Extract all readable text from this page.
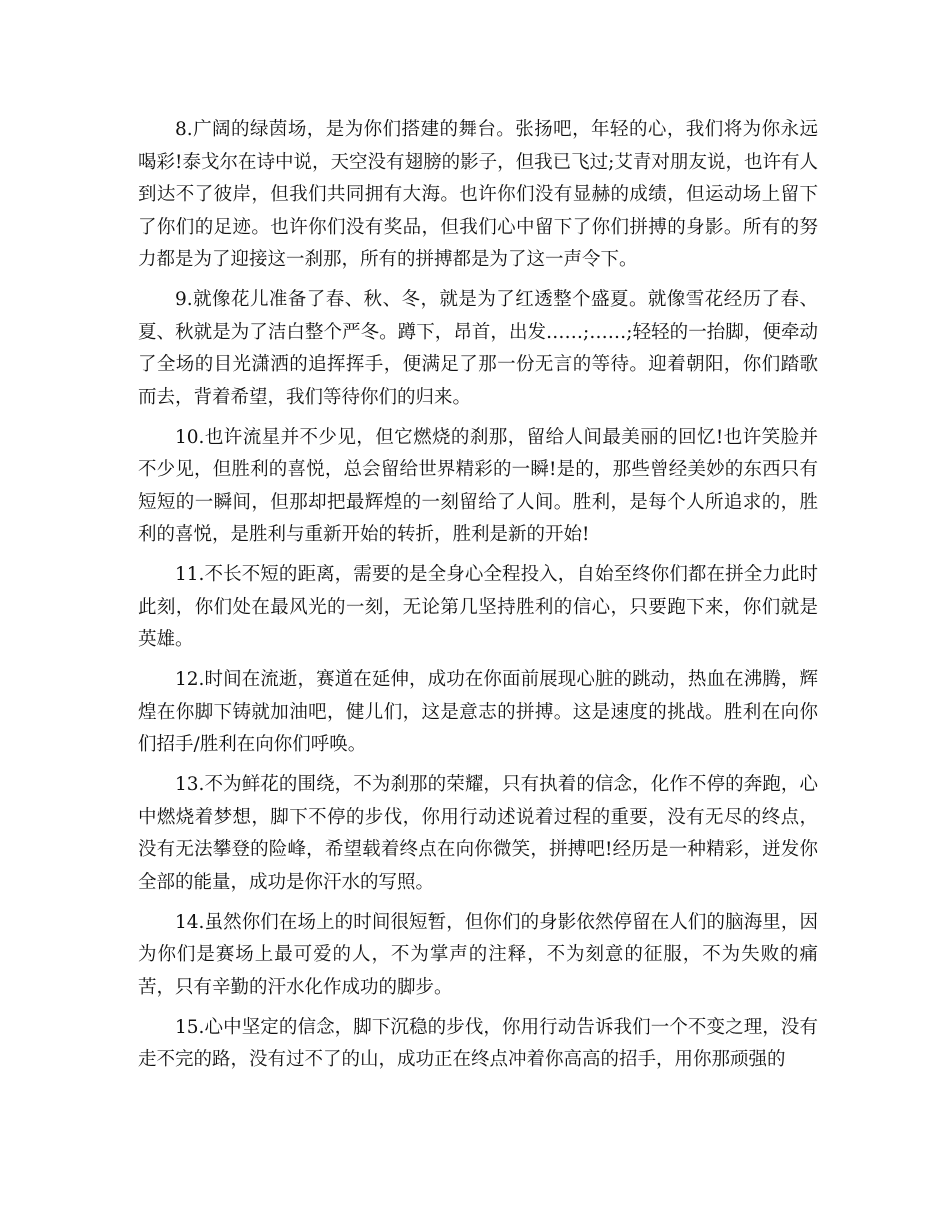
8.广阔的绿茵场，是为你们搭建的舞台。张扬吧，年轻的心，我们将为你永远喝彩!泰戈尔在诗中说，天空没有翅膀的影子，但我已飞过;艾青对朋友说，也许有人到达不了彼岸，但我们共同拥有大海。也许你们没有显赫的成绩，但运动场上留下了你们的足迹。也许你们没有奖品，但我们心中留下了你们拼搏的身影。所有的努力都是为了迎接这一刹那，所有的拼搏都是为了这一声令下。

9.就像花儿准备了春、秋、冬，就是为了红透整个盛夏。就像雪花经历了春、夏、秋就是为了洁白整个严冬。蹲下，昂首，出发……;……;轻轻的一抬脚，便牵动了全场的目光潇洒的追挥挥手，便满足了那一份无言的等待。迎着朝阳，你们踏歌而去，背着希望，我们等待你们的归来。

10.也许流星并不少见，但它燃烧的刹那，留给人间最美丽的回忆!也许笑脸并不少见，但胜利的喜悦，总会留给世界精彩的一瞬!是的，那些曾经美妙的东西只有短短的一瞬间，但那却把最辉煌的一刻留给了人间。胜利，是每个人所追求的，胜利的喜悦，是胜利与重新开始的转折，胜利是新的开始!

11.不长不短的距离，需要的是全身心全程投入，自始至终你们都在拼全力此时此刻，你们处在最风光的一刻，无论第几坚持胜利的信心，只要跑下来，你们就是英雄。

12.时间在流逝，赛道在延伸，成功在你面前展现心脏的跳动，热血在沸腾，辉煌在你脚下铸就加油吧，健儿们，这是意志的拼搏。这是速度的挑战。胜利在向你们招手/胜利在向你们呼唤。

13.不为鲜花的围绕，不为刹那的荣耀，只有执着的信念，化作不停的奔跑，心中燃烧着梦想，脚下不停的步伐，你用行动述说着过程的重要，没有无尽的终点，没有无法攀登的险峰，希望载着终点在向你微笑，拼搏吧!经历是一种精彩，迸发你全部的能量，成功是你汗水的写照。

14.虽然你们在场上的时间很短暂，但你们的身影依然停留在人们的脑海里，因为你们是赛场上最可爱的人，不为掌声的注释，不为刻意的征服，不为失败的痛苦，只有辛勤的汗水化作成功的脚步。

15.心中坚定的信念，脚下沉稳的步伐，你用行动告诉我们一个不变之理，没有走不完的路，没有过不了的山，成功正在终点冲着你高高的招手，用你那顽强的
